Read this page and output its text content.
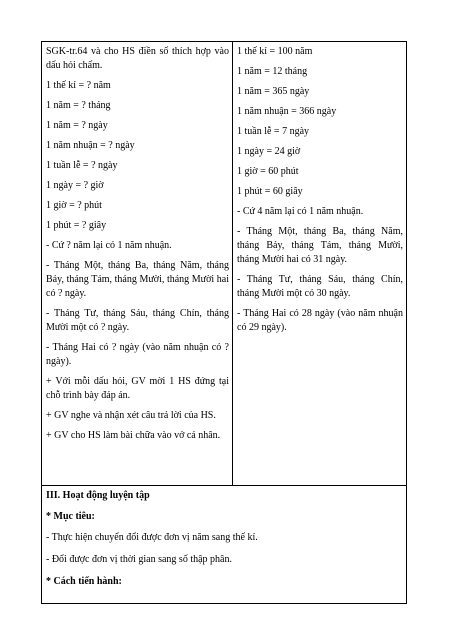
SGK-tr.64 và cho HS điền số thích hợp vào dấu hỏi chấm.

1 thế kỉ = ? năm

1 năm = ? tháng

1 năm = ? ngày

1 năm nhuận = ? ngày

1 tuần lễ = ? ngày

1 ngày = ? giờ

1 giờ = ? phút

1 phút = ? giây

- Cứ ? năm lại có 1 năm nhuận.

- Tháng Một, tháng Ba, tháng Năm, tháng Bảy, tháng Tám, tháng Mười, tháng Mười hai có ? ngày.

- Tháng Tư, tháng Sáu, tháng Chín, tháng Mười một có ? ngày.

- Tháng Hai có ? ngày (vào năm nhuận có ? ngày).

+ Với mỗi dấu hỏi, GV mời 1 HS đứng tại chỗ trình bày đáp án.

+ GV nghe và nhận xét câu trả lời của HS.

+ GV cho HS làm bài chữa vào vở cá nhân.

1 thế kỉ = 100 năm

1 năm = 12 tháng

1 năm = 365 ngày

1 năm nhuận = 366 ngày

1 tuần lễ = 7 ngày

1 ngày = 24 giờ

1 giờ = 60 phút

1 phút = 60 giây

- Cứ 4 năm lại có 1 năm nhuận.

- Tháng Một, tháng Ba, tháng Năm, tháng Bảy, tháng Tám, tháng Mười, tháng Mười hai có 31 ngày.

- Tháng Tư, tháng Sáu, tháng Chín, tháng Mười một có 30 ngày.

- Tháng Hai có 28 ngày (vào năm nhuận có 29 ngày).

III. Hoạt động luyện tập

* Mục tiêu:

- Thực hiện chuyển đổi được đơn vị năm sang thế kỉ.

- Đổi được đơn vị thời gian sang số thập phân.

* Cách tiến hành:
